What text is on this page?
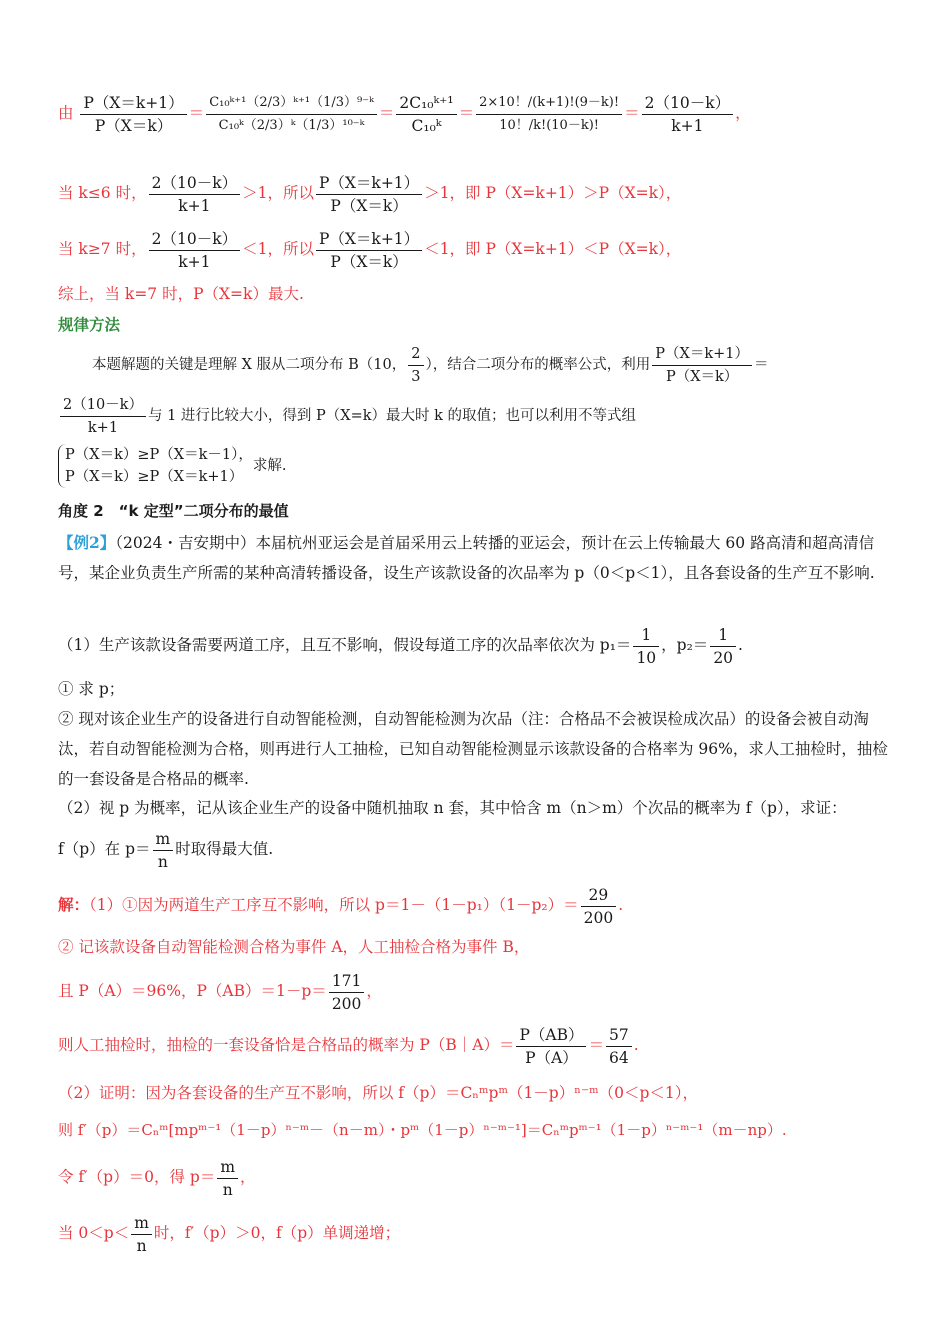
由 $\frac{P(X=k+1)}{P(X=k)} = \frac{\text{C₁₀ᵏ⁺¹（2/3）ᵏ⁺¹（1/3）⁹⁻ᵏ}}{\text{C₁₀ᵏ（2/3）ᵏ（1/3）¹⁰⁻ᵏ}} = \frac{\text{2C₁₀ᵏ⁺¹}}{\text{C₁₀ᵏ}} = \frac{2\times 10!/(k+1)!(9-k)!}{10!/k!(10-k)!} = \frac{2(10-k)}{k+1}$ ，
当 k≤6 时， $\frac{2(10-k)}{k+1} >1$，所以 $\frac{P(X=k+1)}{P(X=k)} >1$，即 P（X=k+1）＞P（X=k），
当 k≥7 时， $\frac{2(10-k)}{k+1} <1$，所以 $\frac{P(X=k+1)}{P(X=k)} <1$，即 P（X=k+1）＜P（X=k），
综上，当 k=7 时，P（X=k）最大.
规律方法
本题解题的关键是理解 X 服从二项分布 B（10， $\frac{2}{3}$ ），结合二项分布的概率公式，利用 $\frac{P(X=k+1)}{P(X=k)}$ ＝
$\frac{2(10-k)}{k+1}$ 与 1 进行比较大小，得到 P（X=k）最大时 k 的取值；也可以利用不等式组
P（X＝k）≥P（X＝k－1），
P（X＝k）≥P（X＝k+1）
求解.
角度 2　“k 定型”二项分布的最值
【例2】（2024・吉安期中）本届杭州亚运会是首届采用云上转播的亚运会，预计在云上传输最大 60 路高清和超高清信号，某企业负责生产所需的某种高清转播设备，设生产该款设备的次品率为 p（0＜p＜1），且各套设备的生产互不影响.
（1）生产该款设备需要两道工序，且互不影响，假设每道工序的次品率依次为 $p_1= \frac{1}{10}$ ，$p_2= \frac{1}{20}$ .
① 求 p；
② 现对该企业生产的设备进行自动智能检测，自动智能检测为次品（注：合格品不会被误检成次品）的设备会被自动淘汰，若自动智能检测为合格，则再进行人工抽检，已知自动智能检测显示该款设备的合格率为 96%，求人工抽检时，抽检的一套设备是合格品的概率.
（2）视 p 为概率，记从该企业生产的设备中随机抽取 n 套，其中恰含 m（n＞m）个次品的概率为 f（p），求证：
f（p）在 $p= \frac{m}{n}$ 时取得最大值.
解：（1）①因为两道生产工序互不影响，所以 $p=1-(1-p_1)(1-p_2)= \frac{29}{200}$ .
② 记该款设备自动智能检测合格为事件 A，人工抽检合格为事件 B，
且 P（A）＝96%，$P(AB)=1-p= \frac{171}{200}$ ，
则人工抽检时，抽检的一套设备恰是合格品的概率为 P（B｜A）＝ $\frac{P(AB)}{P(A)} = \frac{57}{64}$ .
（2）证明：因为各套设备的生产互不影响，所以 f（p）＝Cₙᵐpᵐ（1－p）ⁿ⁻ᵐ（0＜p＜1），
则 f′（p）＝Cₙᵐ[mpᵐ⁻¹（1－p）ⁿ⁻ᵐ－（n－m）・pᵐ（1－p）ⁿ⁻ᵐ⁻¹]＝Cₙᵐpᵐ⁻¹（1－p）ⁿ⁻ᵐ⁻¹（m－np）.
令 f′（p）＝0，得 $p= \frac{m}{n}$ ，
当 $0<p< \frac{m}{n}$ 时，f′（p）＞0，f（p）单调递增；
